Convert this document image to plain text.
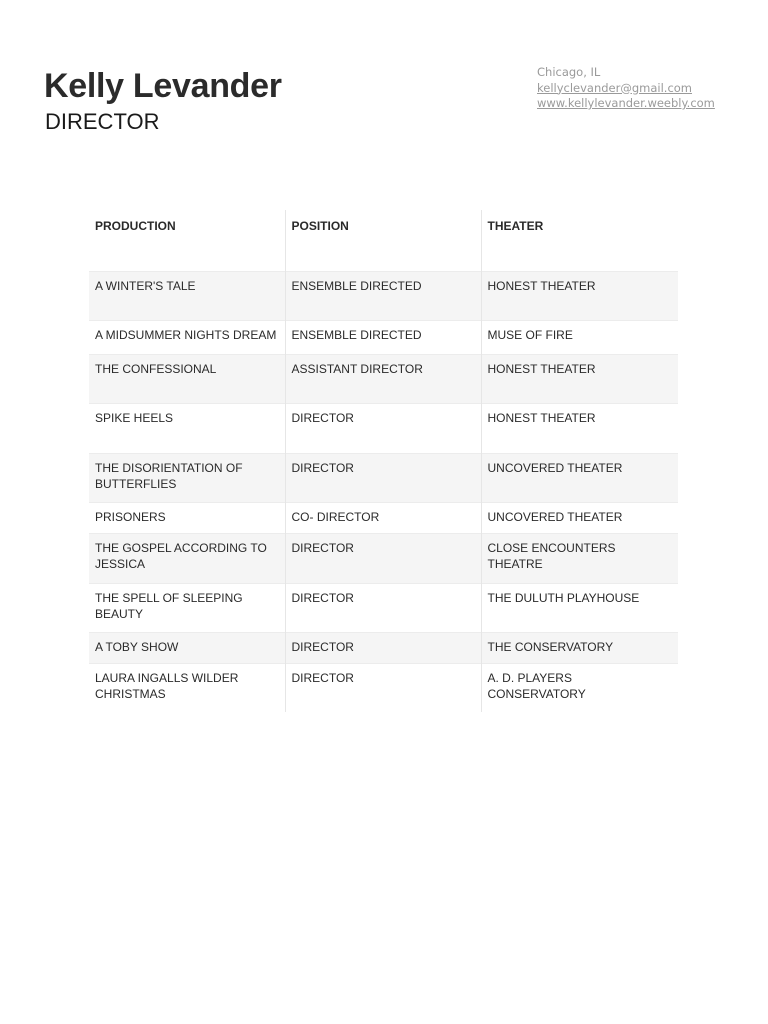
Kelly Levander
DIRECTOR
Chicago, IL
kellyclevander@gmail.com
www.kellylevander.weebly.com
PRODUCTION	POSITION	THEATER
A WINTER'S TALE	ENSEMBLE DIRECTED	HONEST THEATER
A MIDSUMMER NIGHTS DREAM	ENSEMBLE DIRECTED	MUSE OF FIRE
THE CONFESSIONAL	ASSISTANT DIRECTOR	HONEST THEATER
SPIKE HEELS	DIRECTOR	HONEST THEATER
THE DISORIENTATION OF BUTTERFLIES	DIRECTOR	UNCOVERED THEATER
PRISONERS	CO- DIRECTOR	UNCOVERED THEATER
THE GOSPEL ACCORDING TO JESSICA	DIRECTOR	CLOSE ENCOUNTERS THEATRE
THE SPELL OF SLEEPING BEAUTY	DIRECTOR	THE DULUTH PLAYHOUSE
A TOBY SHOW	DIRECTOR	THE CONSERVATORY
LAURA INGALLS WILDER CHRISTMAS	DIRECTOR	A. D. PLAYERS CONSERVATORY
